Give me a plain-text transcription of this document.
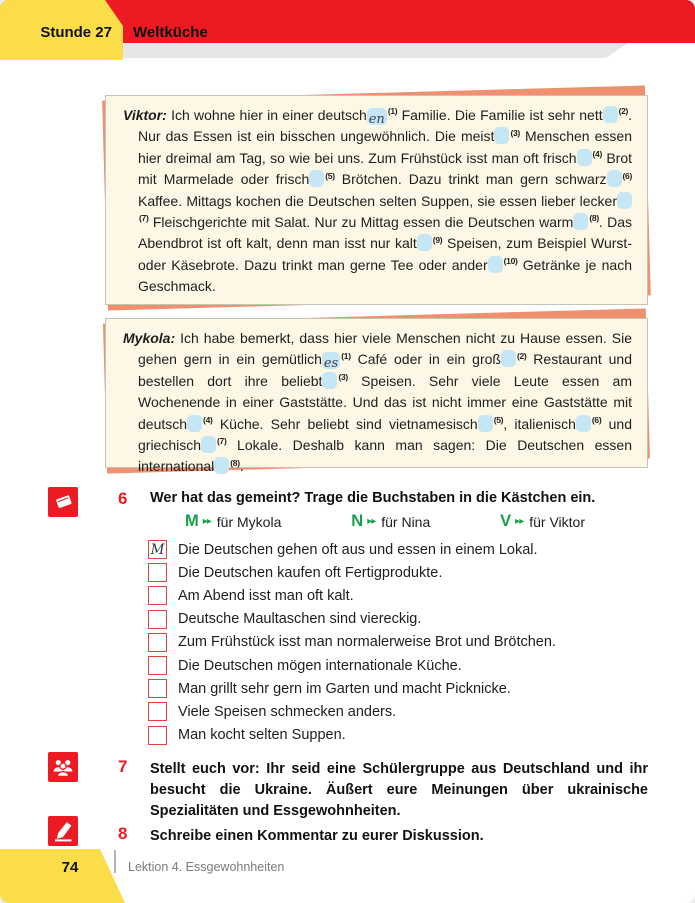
Stunde 27 Weltküche

Viktor: Ich wohne hier in einer deutsch en$^{(1)}$ Familie. Die Familie ist sehr nett $^{(2)}$. Nur das Essen ist ein bisschen ungewöhnlich. Die meist $^{(3)}$ Menschen essen hier dreimal am Tag, so wie bei uns. Zum Frühstück isst man oft frisch $^{(4)}$ Brot mit Marmelade oder frisch $^{(5)}$ Brötchen. Dazu trinkt man gern schwarz $^{(6)}$ Kaffee. Mittags kochen die Deutschen selten Suppen, sie essen lieber lecker$^{(7)}$ Fleischgerichte mit Salat. Nur zu Mittag essen die Deutschen warm $^{(8)}$. Das Abendbrot ist oft kalt, denn man isst nur kalt $^{(9)}$ Speisen, zum Beispiel Wurst- oder Käsebrote. Dazu trinkt man gerne Tee oder ander $^{(10)}$ Getränke je nach Geschmack.

Mykola: Ich habe bemerkt, dass hier viele Menschen nicht zu Hause essen. Sie gehen gern in ein gemütlich es$^{(1)}$ Café oder in ein groß $^{(2)}$ Restaurant und bestellen dort ihre beliebt $^{(3)}$ Speisen. Sehr viele Leute essen am Wochenende in einer Gaststätte. Und das ist nicht immer eine Gaststätte mit deutsch $^{(4)}$ Küche. Sehr beliebt sind vietnamesisch $^{(5)}$, italienisch $^{(6)}$ und griechisch $^{(7)}$ Lokale. Deshalb kann man sagen: Die Deutschen essen international $^{(8)}$.

6 Wer hat das gemeint? Trage die Buchstaben in die Kästchen ein.
M ▸▸ für Mykola	N ▸▸ für Nina	V ▸▸ für Viktor
M Die Deutschen gehen oft aus und essen in einem Lokal.
Die Deutschen kaufen oft Fertigprodukte.
Am Abend isst man oft kalt.
Deutsche Maultaschen sind viereckig.
Zum Frühstück isst man normalerweise Brot und Brötchen.
Die Deutschen mögen internationale Küche.
Man grillt sehr gern im Garten und macht Picknicke.
Viele Speisen schmecken anders.
Man kocht selten Suppen.
7 Stellt euch vor: Ihr seid eine Schülergruppe aus Deutschland und ihr besucht die Ukraine. Äußert eure Meinungen über ukrainische Spezialitäten und Essgewohnheiten.
8 Schreibe einen Kommentar zu eurer Diskussion.
74	Lektion 4. Essgewohnheiten
